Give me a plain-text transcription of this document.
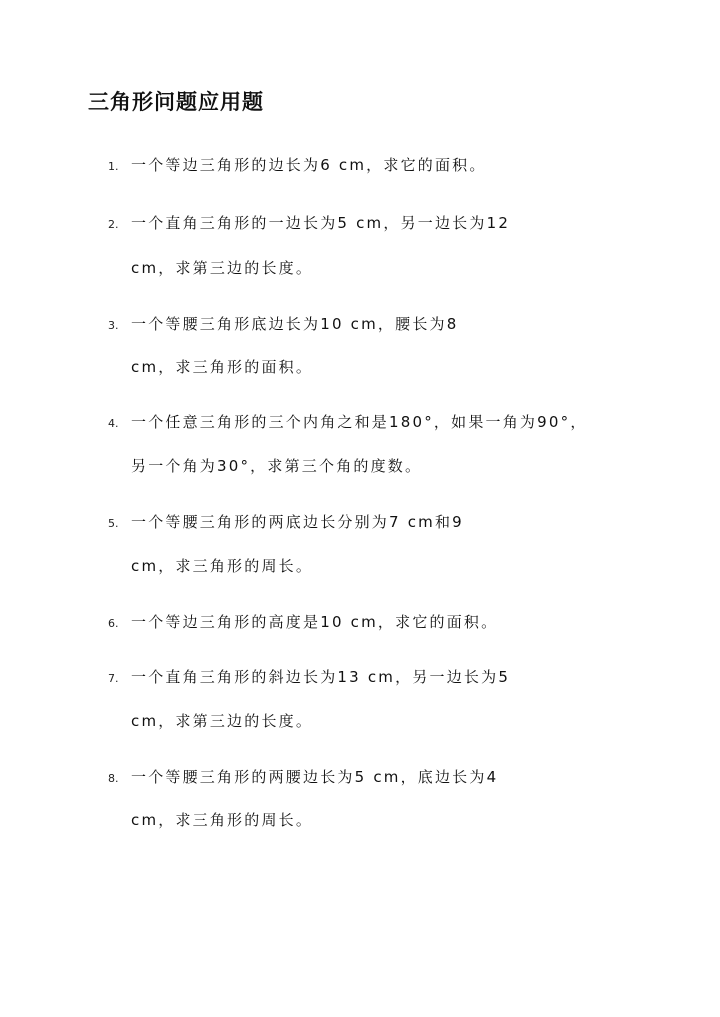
三角形问题应用题
1. 一个等边三角形的边长为6 cm，求它的面积。
2. 一个直角三角形的一边长为5 cm，另一边长为12
cm，求第三边的长度。
3. 一个等腰三角形底边长为10 cm，腰长为8
cm，求三角形的面积。
4. 一个任意三角形的三个内角之和是180°，如果一角为90°，
另一个角为30°，求第三个角的度数。
5. 一个等腰三角形的两底边长分别为7 cm和9
cm，求三角形的周长。
6. 一个等边三角形的高度是10 cm，求它的面积。
7. 一个直角三角形的斜边长为13 cm，另一边长为5
cm，求第三边的长度。
8. 一个等腰三角形的两腰边长为5 cm，底边长为4
cm，求三角形的周长。
